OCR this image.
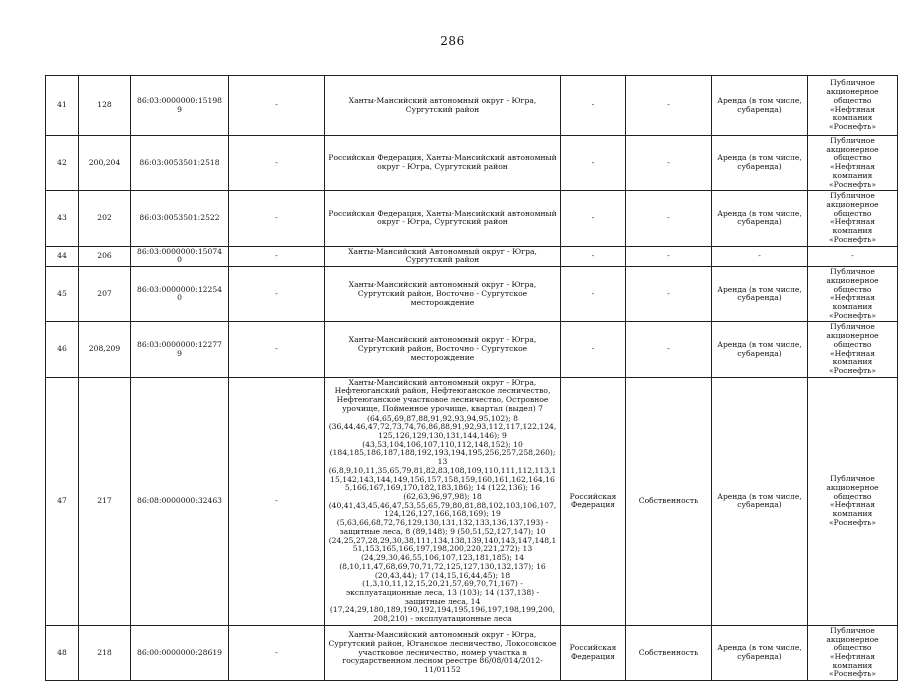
286
41	128	86:03:0000000:15198 9	-	Ханты-Мансийский автономный округ - Югра, Сургутский район	-	-	Аренда (в том числе, субаренда)	Публичное акционерное общество «Нефтяная компания «Роснефть»
42	200,204	86:03:0053501:2518	-	Российская Федерация, Ханты-Мансийский автономный округ - Югра, Сургутский район	-	-	Аренда (в том числе, субаренда)	Публичное акционерное общество «Нефтяная компания «Роснефть»
43	202	86:03:0053501:2522	-	Российская Федерация, Ханты-Мансийский автономный округ - Югра, Сургутский район	-	-	Аренда (в том числе, субаренда)	Публичное акционерное общество «Нефтяная компания «Роснефть»
44	206	86:03:0000000:15074 0	-	Ханты-Мансийский Автономный округ - Югра, Сургутский район	-	-	-	-
45	207	86:03:0000000:12254 0	-	Ханты-Мансийский автономный округ - Югра, Сургутский район, Восточно - Сургутское месторождение	-	-	Аренда (в том числе, субаренда)	Публичное акционерное общество «Нефтяная компания «Роснефть»
46	208,209	86:03:0000000:12277 9	-	Ханты-Мансийский автономный округ - Югра, Сургутский район, Восточно - Сургутское месторождение	-	-	Аренда (в том числе, субаренда)	Публичное акционерное общество «Нефтяная компания «Роснефть»
47	217	86:08:0000000:32463	-	Ханты-Мансийский автономный округ - Югра, Нефтеюганский район, Нефтеюганское лесничество, Нефтеюганское участковое лесничество, Островное урочище, Пойменное урочище, квартал (выдел) 7
(64,65,69,87,88,91,92,93,94,95,102); 8 (36,44,46,47,72,73,74,76,86,88,91,92,93,112,117,122,124,125,126,129,130,131,144,146); 9 (43,53,104,106,107,110,112,148,152); 10 (184,185,186,187,188,192,193,194,195,256,257,258,260); 13 (6,8,9,10,11,35,65,79,81,82,83,108,109,110,111,112,113,115,142,143,144,149,156,157,158,159,160,161,162,164,165,166,167,169,170,182,183,186); 14 (122,136); 16 (62,63,96,97,98); 18 (40,41,43,45,46,47,53,55,65,79,80,81,88,102,103,106,107,124,126,127,166,168,169); 19 (5,63,66,68,72,76,129,130,131,132,133,136,137,193) - защитные леса, 8 (89,148); 9 (50,51,52,127,147); 10 (24,25,27,28,29,30,38,111,134,138,139,140,143,147,148,151,153,165,166,197,198,200,220,221,272); 13 (24,29,30,46,55,106,107,123,181,185); 14 (8,10,11,47,68,69,70,71,72,125,127,130,132,137); 16 (20,43,44); 17 (14,15,16,44,45); 18 (1,3,10,11,12,15,20,21,57,69,70,71,167) - эксплуатационные леса, 13 (103); 14 (137,138) - защитные леса, 14 (17,24,29,180,189,190,192,194,195,196,197,198,199,200,208,210) - эксплуатационные леса	Российская Федерация	Собственность	Аренда (в том числе, субаренда)	Публичное акционерное общество «Нефтяная компания «Роснефть»
48	218	86:00:0000000:28619	-	Ханты-Мансийский автономный округ - Югра, Сургутский район, Юганское лесничество, Локосовское участковое лесничество, номер участка в государственном лесном реестре 86/08/014/2012-11/01152	Российская Федерация	Собственность	Аренда (в том числе, субаренда)	Публичное акционерное общество «Нефтяная компания «Роснефть»
